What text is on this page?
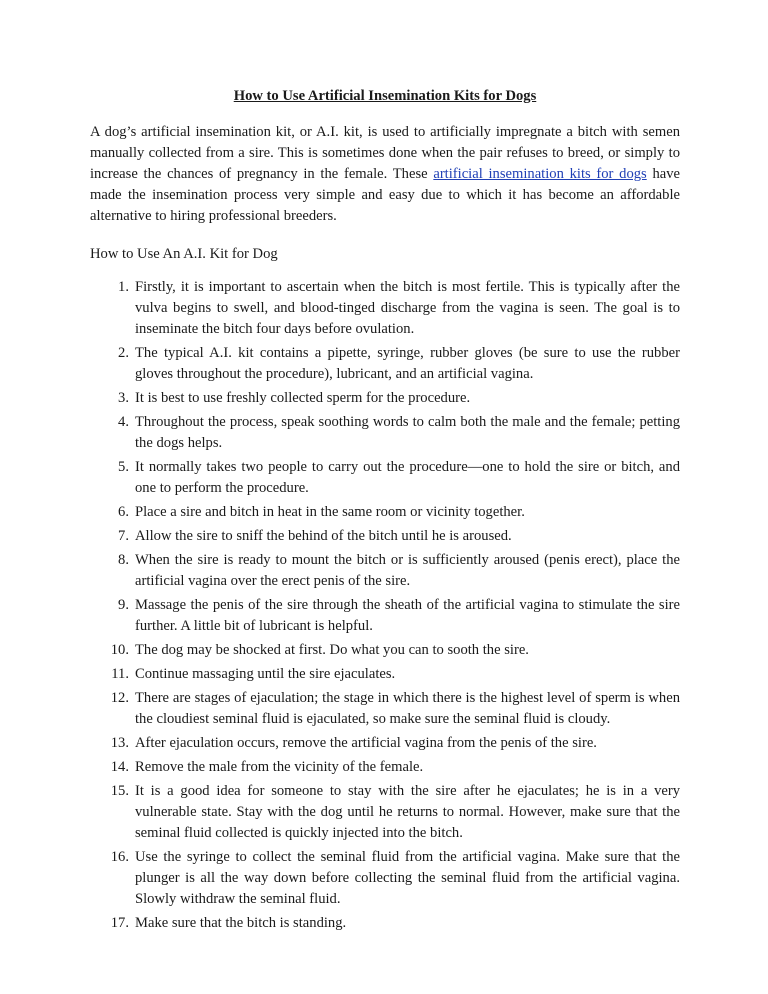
How to Use Artificial Insemination Kits for Dogs

A dog’s artificial insemination kit, or A.I. kit, is used to artificially impregnate a bitch with semen manually collected from a sire. This is sometimes done when the pair refuses to breed, or simply to increase the chances of pregnancy in the female. These artificial insemination kits for dogs have made the insemination process very simple and easy due to which it has become an affordable alternative to hiring professional breeders.

How to Use An A.I. Kit for Dog
1. Firstly, it is important to ascertain when the bitch is most fertile. This is typically after the vulva begins to swell, and blood-tinged discharge from the vagina is seen. The goal is to inseminate the bitch four days before ovulation.
2. The typical A.I. kit contains a pipette, syringe, rubber gloves (be sure to use the rubber gloves throughout the procedure), lubricant, and an artificial vagina.
3. It is best to use freshly collected sperm for the procedure.
4. Throughout the process, speak soothing words to calm both the male and the female; petting the dogs helps.
5. It normally takes two people to carry out the procedure—one to hold the sire or bitch, and one to perform the procedure.
6. Place a sire and bitch in heat in the same room or vicinity together.
7. Allow the sire to sniff the behind of the bitch until he is aroused.
8. When the sire is ready to mount the bitch or is sufficiently aroused (penis erect), place the artificial vagina over the erect penis of the sire.
9. Massage the penis of the sire through the sheath of the artificial vagina to stimulate the sire further. A little bit of lubricant is helpful.
10. The dog may be shocked at first. Do what you can to sooth the sire.
11. Continue massaging until the sire ejaculates.
12. There are stages of ejaculation; the stage in which there is the highest level of sperm is when the cloudiest seminal fluid is ejaculated, so make sure the seminal fluid is cloudy.
13. After ejaculation occurs, remove the artificial vagina from the penis of the sire.
14. Remove the male from the vicinity of the female.
15. It is a good idea for someone to stay with the sire after he ejaculates; he is in a very vulnerable state. Stay with the dog until he returns to normal. However, make sure that the seminal fluid collected is quickly injected into the bitch.
16. Use the syringe to collect the seminal fluid from the artificial vagina. Make sure that the plunger is all the way down before collecting the seminal fluid from the artificial vagina. Slowly withdraw the seminal fluid.
17. Make sure that the bitch is standing.
